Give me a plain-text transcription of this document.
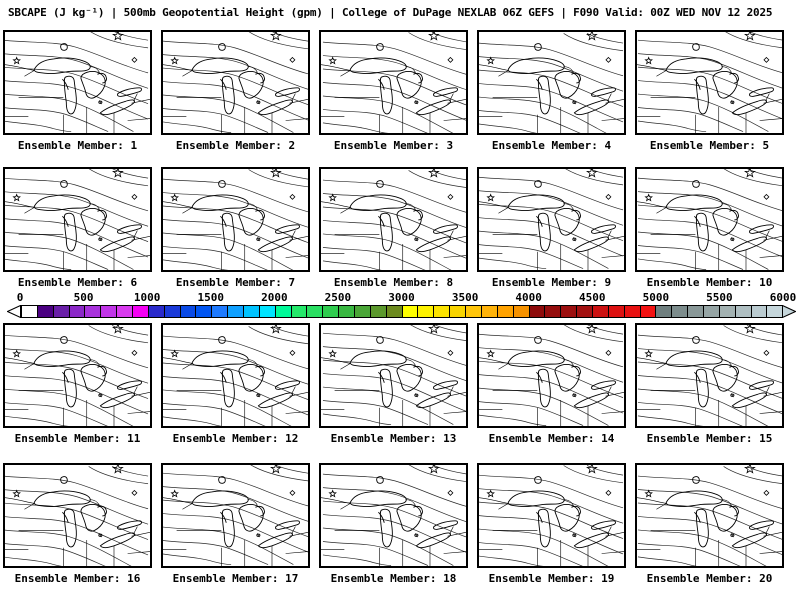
SBCAPE (J kg⁻¹) | 500mb Geopotential Height (gpm) | College of DuPage NEXLAB 06Z GEFS | F090 Valid: 00Z WED NOV 12 2025
Ensemble Member: 1	Ensemble Member: 2	Ensemble Member: 3	Ensemble Member: 4	Ensemble Member: 5
Ensemble Member: 6	Ensemble Member: 7	Ensemble Member: 8	Ensemble Member: 9	Ensemble Member: 10
0	500	1000	1500	2000	2500	3000	3500	4000	4500	5000	5500	6000
Ensemble Member: 11	Ensemble Member: 12	Ensemble Member: 13	Ensemble Member: 14	Ensemble Member: 15
Ensemble Member: 16	Ensemble Member: 17	Ensemble Member: 18	Ensemble Member: 19	Ensemble Member: 20
